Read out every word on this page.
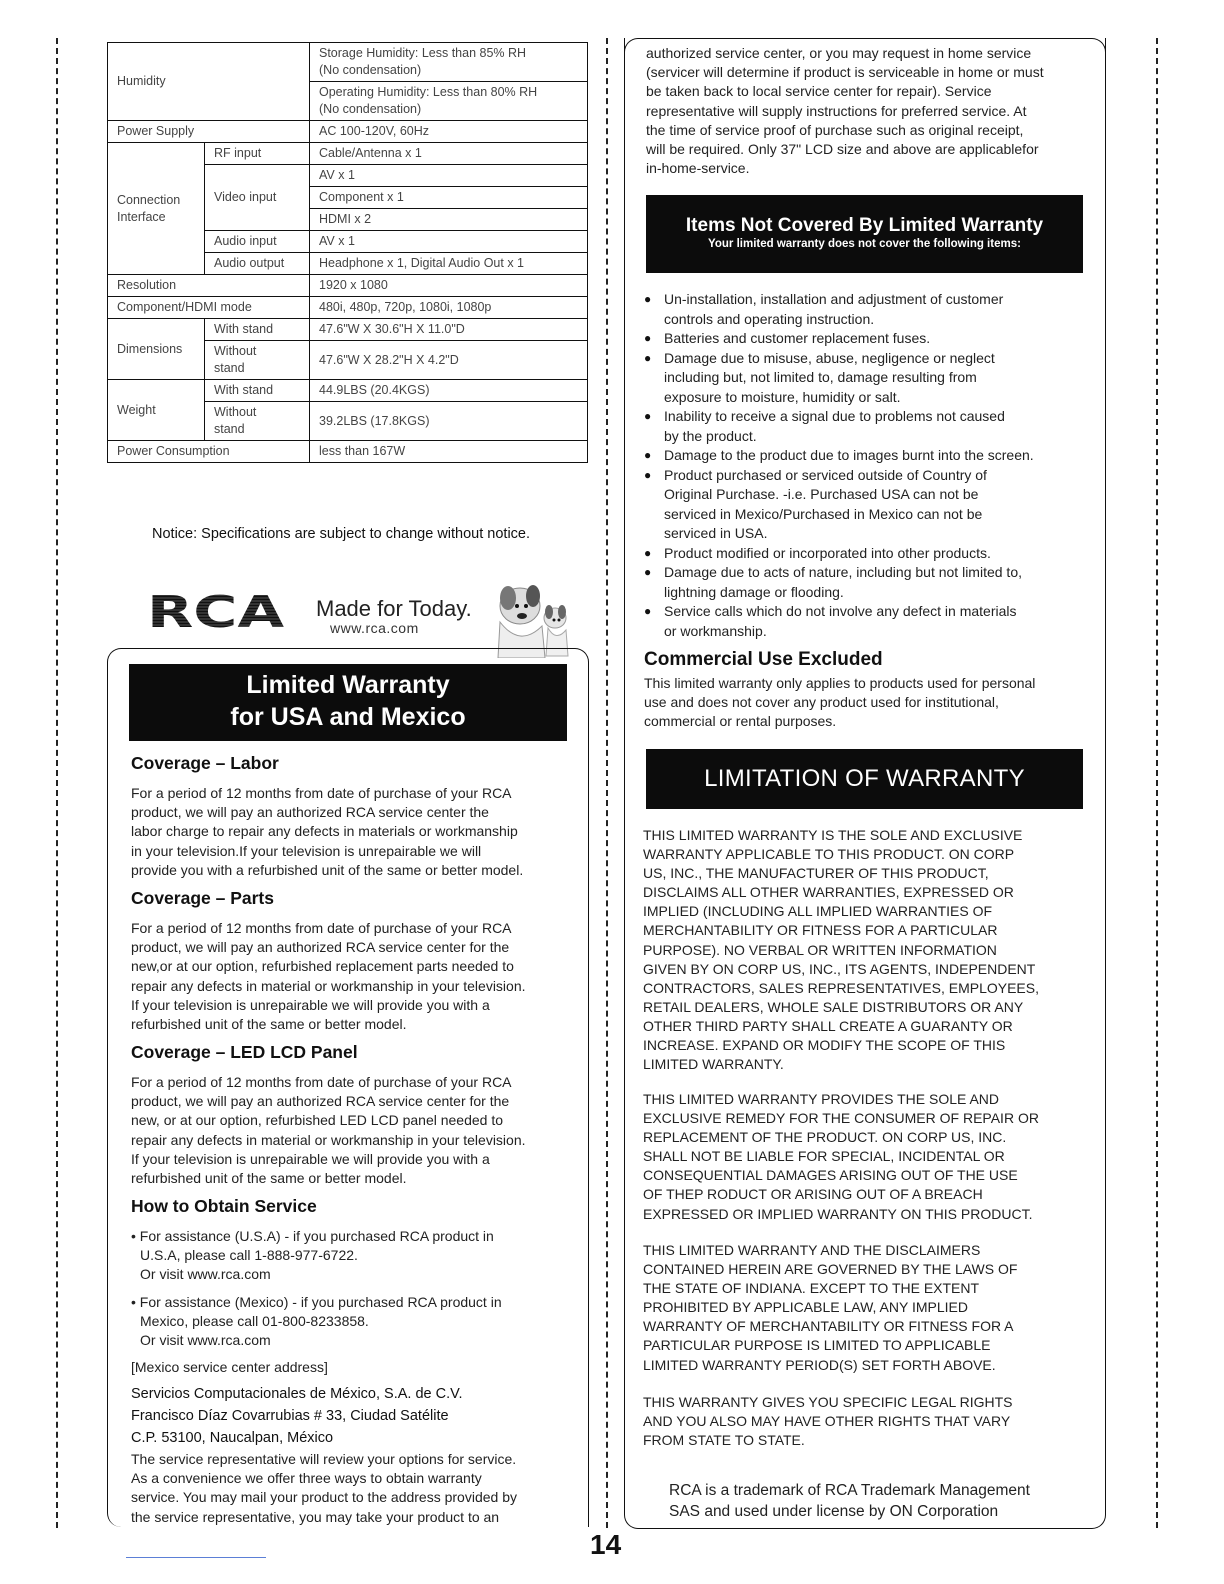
Humidity		Storage Humidity: Less than 85% RH
(No condensation)
		Operating Humidity: Less than 80% RH
(No condensation)
Power Supply		AC 100-120V, 60Hz
Connection
Interface	RF input	Cable/Antenna x 1
	Video input	AV x 1
		Component x 1
		HDMI x 2
	Audio input	AV x 1
	Audio output	Headphone x 1, Digital Audio Out x 1
Resolution		1920 x 1080
Component/HDMI mode		480i, 480p, 720p, 1080i, 1080p
Dimensions	With stand	47.6"W X 30.6"H X 11.0"D
	Without
stand	47.6"W X 28.2"H X 4.2"D
Weight	With stand	44.9LBS (20.4KGS)
	Without
stand	39.2LBS (17.8KGS)
Power Consumption		less than 167W
Notice: Specifications are subject to change without notice.
RCA Made for Today.
www.rca.com
Limited Warranty
for USA and Mexico
Coverage – Labor
For a period of 12 months from date of purchase of your RCA
product, we will pay an authorized RCA service center the
labor charge to repair any defects in materials or workmanship
in your television.If your television is unrepairable we will
provide you with a refurbished unit of the same or better model.
Coverage – Parts
For a period of 12 months from date of purchase of your RCA
product, we will pay an authorized RCA service center for the
new,or at our option, refurbished replacement parts needed to
repair any defects in material or workmanship in your television.
If your television is unrepairable we will provide you with a
refurbished unit of the same or better model.
Coverage – LED LCD Panel
For a period of 12 months from date of purchase of your RCA
product, we will pay an authorized RCA service center for the
new, or at our option, refurbished LED LCD panel needed to
repair any defects in material or workmanship in your television.
If your television is unrepairable we will provide you with a
refurbished unit of the same or better model.
How to Obtain Service
• For assistance (U.S.A) - if you purchased RCA product in
U.S.A, please call 1-888-977-6722.
Or visit www.rca.com
• For assistance (Mexico) - if you purchased RCA product in
Mexico, please call 01-800-8233858.
Or visit www.rca.com
[Mexico service center address]
Servicios Computacionales de México, S.A. de C.V.
Francisco Díaz Covarrubias # 33, Ciudad Satélite
C.P. 53100, Naucalpan, México
The service representative will review your options for service.
As a convenience we offer three ways to obtain warranty
service. You may mail your product to the address provided by
the service representative, you may take your product to an
authorized service center, or you may request in home service
(servicer will determine if product is serviceable in home or must
be taken back to local service center for repair). Service
representative will supply instructions for preferred service. At
the time of service proof of purchase such as original receipt,
will be required. Only 37" LCD size and above are applicablefor
in-home-service.
Items Not Covered By Limited Warranty
Your limited warranty does not cover the following items:
● Un-installation, installation and adjustment of customer
controls and operating instruction.
● Batteries and customer replacement fuses.
● Damage due to misuse, abuse, negligence or neglect
including but, not limited to, damage resulting from
exposure to moisture, humidity or salt.
● Inability to receive a signal due to problems not caused
by the product.
● Damage to the product due to images burnt into the screen.
● Product purchased or serviced outside of Country of
Original Purchase. -i.e. Purchased USA can not be
serviced in Mexico/Purchased in Mexico can not be
serviced in USA.
● Product modified or incorporated into other products.
● Damage due to acts of nature, including but not limited to,
lightning damage or flooding.
● Service calls which do not involve any defect in materials
or workmanship.
Commercial Use Excluded
This limited warranty only applies to products used for personal
use and does not cover any product used for institutional,
commercial or rental purposes.
LIMITATION OF WARRANTY
THIS LIMITED WARRANTY IS THE SOLE AND EXCLUSIVE
WARRANTY APPLICABLE TO THIS PRODUCT. ON CORP
US, INC., THE MANUFACTURER OF THIS PRODUCT,
DISCLAIMS ALL OTHER WARRANTIES, EXPRESSED OR
IMPLIED (INCLUDING ALL IMPLIED WARRANTIES OF
MERCHANTABILITY OR FITNESS FOR A PARTICULAR
PURPOSE). NO VERBAL OR WRITTEN INFORMATION
GIVEN BY ON CORP US, INC., ITS AGENTS, INDEPENDENT
CONTRACTORS, SALES REPRESENTATIVES, EMPLOYEES,
RETAIL DEALERS, WHOLE SALE DISTRIBUTORS OR ANY
OTHER THIRD PARTY SHALL CREATE A GUARANTY OR
INCREASE. EXPAND OR MODIFY THE SCOPE OF THIS
LIMITED WARRANTY.
THIS LIMITED WARRANTY PROVIDES THE SOLE AND
EXCLUSIVE REMEDY FOR THE CONSUMER OF REPAIR OR
REPLACEMENT OF THE PRODUCT. ON CORP US, INC.
SHALL NOT BE LIABLE FOR SPECIAL, INCIDENTAL OR
CONSEQUENTIAL DAMAGES ARISING OUT OF THE USE
OF THEP RODUCT OR ARISING OUT OF A BREACH
EXPRESSED OR IMPLIED WARRANTY ON THIS PRODUCT.
THIS LIMITED WARRANTY AND THE DISCLAIMERS
CONTAINED HEREIN ARE GOVERNED BY THE LAWS OF
THE STATE OF INDIANA. EXCEPT TO THE EXTENT
PROHIBITED BY APPLICABLE LAW, ANY IMPLIED
WARRANTY OF MERCHANTABILITY OR FITNESS FOR A
PARTICULAR PURPOSE IS LIMITED TO APPLICABLE
LIMITED WARRANTY PERIOD(S) SET FORTH ABOVE.
THIS WARRANTY GIVES YOU SPECIFIC LEGAL RIGHTS
AND YOU ALSO MAY HAVE OTHER RIGHTS THAT VARY
FROM STATE TO STATE.
RCA is a trademark of RCA Trademark Management
SAS and used under license by ON Corporation
14
